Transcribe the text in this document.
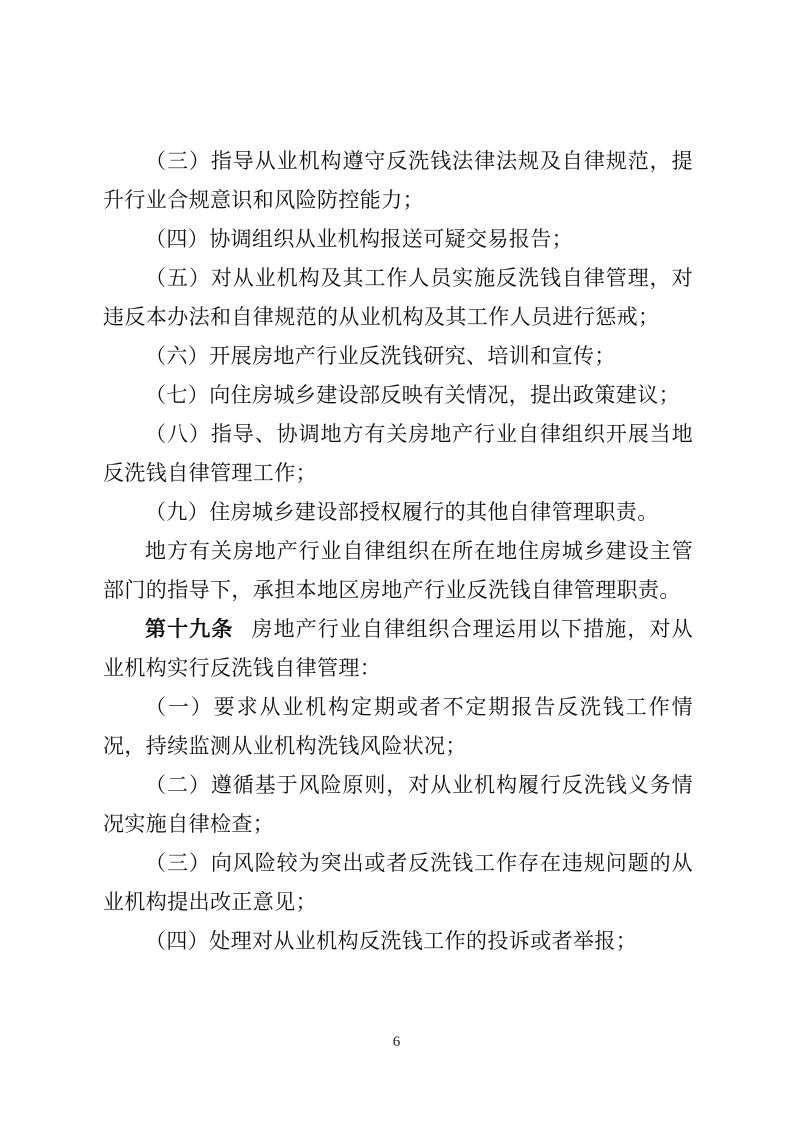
（三）指导从业机构遵守反洗钱法律法规及自律规范，提升行业合规意识和风险防控能力；

（四）协调组织从业机构报送可疑交易报告；

（五）对从业机构及其工作人员实施反洗钱自律管理，对违反本办法和自律规范的从业机构及其工作人员进行惩戒；

（六）开展房地产行业反洗钱研究、培训和宣传；

（七）向住房城乡建设部反映有关情况，提出政策建议；

（八）指导、协调地方有关房地产行业自律组织开展当地反洗钱自律管理工作；

（九）住房城乡建设部授权履行的其他自律管理职责。

地方有关房地产行业自律组织在所在地住房城乡建设主管部门的指导下，承担本地区房地产行业反洗钱自律管理职责。

第十九条 房地产行业自律组织合理运用以下措施，对从业机构实行反洗钱自律管理：

（一）要求从业机构定期或者不定期报告反洗钱工作情况，持续监测从业机构洗钱风险状况；

（二）遵循基于风险原则，对从业机构履行反洗钱义务情况实施自律检查；

（三）向风险较为突出或者反洗钱工作存在违规问题的从业机构提出改正意见；

（四）处理对从业机构反洗钱工作的投诉或者举报；

6
